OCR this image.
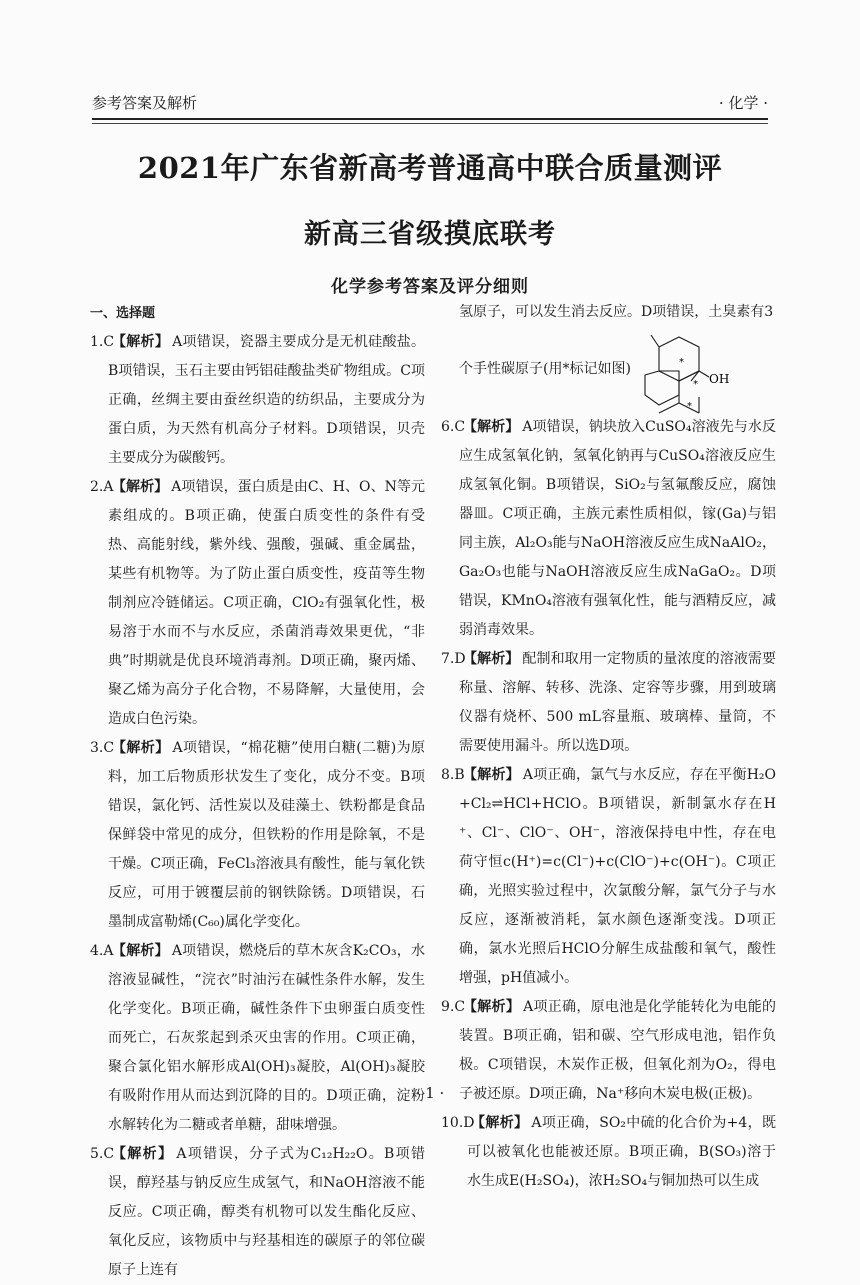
参考答案及解析	· 化学 ·
2021年广东省新高考普通高中联合质量测评
新高三省级摸底联考
化学参考答案及评分细则
一、选择题
1.C
【解析】 A项错误，瓷器主要成分是无机硅酸盐。B项错误，玉石主要由钙铝硅酸盐类矿物组成。C项正确，丝绸主要由蚕丝织造的纺织品，主要成分为蛋白质，为天然有机高分子材料。D项错误，贝壳主要成分为碳酸钙。
2.A
【解析】 A项错误，蛋白质是由C、H、O、N等元素组成的。B项正确，使蛋白质变性的条件有受热、高能射线，紫外线、强酸，强碱、重金属盐，某些有机物等。为了防止蛋白质变性，疫苗等生物制剂应冷链储运。C项正确，ClO₂有强氧化性，极易溶于水而不与水反应，杀菌消毒效果更优，“非典”时期就是优良环境消毒剂。D项正确，聚丙烯、聚乙烯为高分子化合物，不易降解，大量使用，会造成白色污染。
3.C
【解析】 A项错误，“棉花糖”使用白糖(二糖)为原料，加工后物质形状发生了变化，成分不变。B项错误，氯化钙、活性炭以及硅藻土、铁粉都是食品保鲜袋中常见的成分，但铁粉的作用是除氧，不是干燥。C项正确，FeCl₃溶液具有酸性，能与氧化铁反应，可用于镀覆层前的钢铁除锈。D项错误，石墨制成富勒烯(C₆₀)属化学变化。
4.A
【解析】 A项错误，燃烧后的草木灰含K₂CO₃，水溶液显碱性，“浣衣”时油污在碱性条件水解，发生化学变化。B项正确，碱性条件下虫卵蛋白质变性而死亡，石灰浆起到杀灭虫害的作用。C项正确，聚合氯化铝水解形成Al(OH)₃凝胶，Al(OH)₃凝胶有吸附作用从而达到沉降的目的。D项正确，淀粉水解转化为二糖或者单糖，甜味增强。
5.C
【解析】 A项错误，分子式为C₁₂H₂₂O。B项错误，醇羟基与钠反应生成氢气，和NaOH溶液不能反应。C项正确，醇类有机物可以发生酯化反应、氧化反应，该物质中与羟基相连的碳原子的邻位碳原子上连有
氢原子，可以发生消去反应。D项错误，土臭素有3
个手性碳原子(用*标记如图)	*
*
*
OH
6.C
【解析】 A项错误，钠块放入CuSO₄溶液先与水反应生成氢氧化钠，氢氧化钠再与CuSO₄溶液反应生成氢氧化铜。B项错误，SiO₂与氢氟酸反应，腐蚀器皿。C项正确，主族元素性质相似，镓(Ga)与铝同主族，Al₂O₃能与NaOH溶液反应生成NaAlO₂，Ga₂O₃也能与NaOH溶液反应生成NaGaO₂。D项错误，KMnO₄溶液有强氧化性，能与酒精反应，减弱消毒效果。
7.D
【解析】 配制和取用一定物质的量浓度的溶液需要称量、溶解、转移、洗涤、定容等步骤，用到玻璃仪器有烧杯、500 mL容量瓶、玻璃棒、量筒，不需要使用漏斗。所以选D项。
8.B
【解析】 A项正确，氯气与水反应，存在平衡H₂O+Cl₂⇌HCl+HClO。B项错误，新制氯水存在H⁺、Cl⁻、ClO⁻、OH⁻，溶液保持电中性，存在电荷守恒c(H⁺)=c(Cl⁻)+c(ClO⁻)+c(OH⁻)。C项正确，光照实验过程中，次氯酸分解，氯气分子与水反应，逐渐被消耗，氯水颜色逐渐变浅。D项正确，氯水光照后HClO分解生成盐酸和氧气，酸性增强，pH值减小。
9.C
【解析】 A项正确，原电池是化学能转化为电能的装置。B项正确，铝和碳、空气形成电池，铝作负极。C项错误，木炭作正极，但氧化剂为O₂，得电子被还原。D项正确，Na⁺移向木炭电极(正极)。
10.D
【解析】 A项正确，SO₂中硫的化合价为+4，既可以被氧化也能被还原。B项正确，B(SO₃)溶于水生成E(H₂SO₄)，浓H₂SO₄与铜加热可以生成
· 1 ·
